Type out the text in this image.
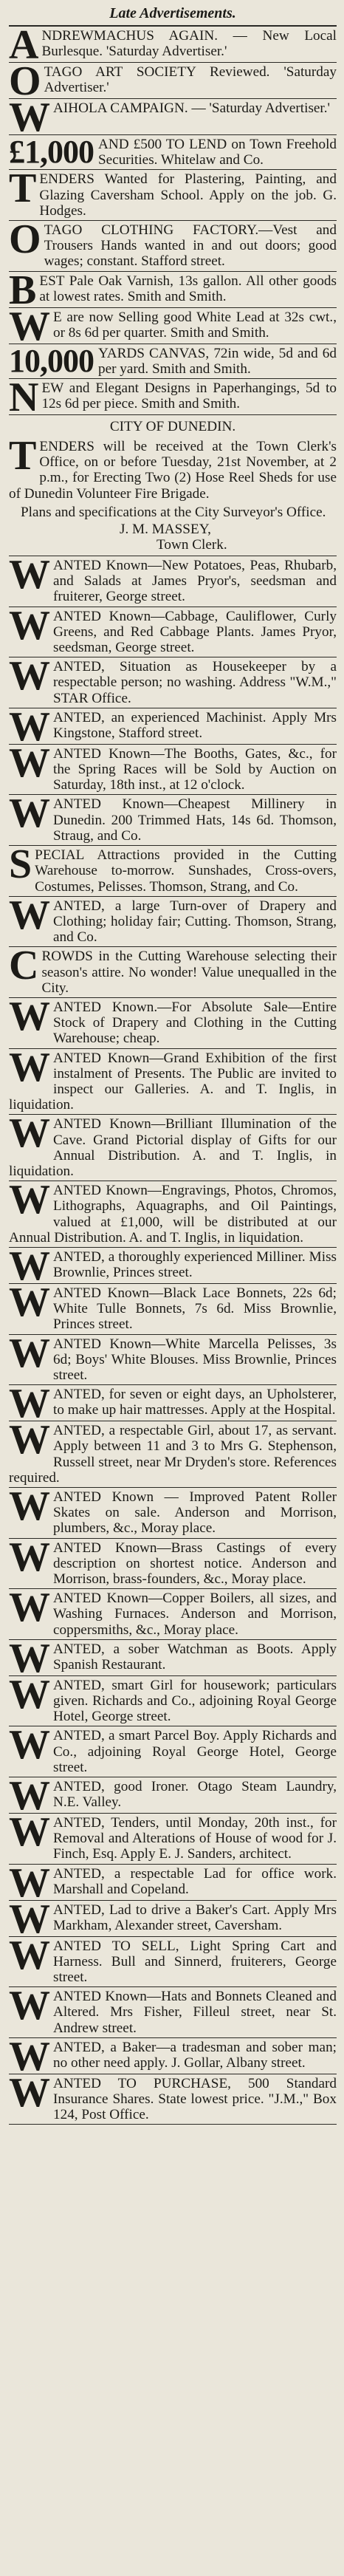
Late Advertisements.

ANDREWMACHUS AGAIN. — New Local Burlesque. 'Saturday Advertiser.'

OTAGO ART SOCIETY Reviewed. 'Saturday Advertiser.'

WAIHOLA CAMPAIGN. — 'Saturday Advertiser.'

£1,000 AND £500 TO LEND on Town Freehold Securities. Whitelaw and Co.

TENDERS Wanted for Plastering, Painting, and Glazing Caversham School. Apply on the job. G. Hodges.

OTAGO CLOTHING FACTORY.—Vest and Trousers Hands wanted in and out doors; good wages; constant. Stafford street.

BEST Pale Oak Varnish, 13s gallon. All other goods at lowest rates. Smith and Smith.

W E are now Selling good White Lead at 32s cwt., or 8s 6d per quarter. Smith and Smith.

10,000 YARDS CANVAS, 72in wide, 5d and 6d per yard. Smith and Smith.

NEW and Elegant Designs in Paperhangings, 5d to 12s 6d per piece. Smith and Smith.

CITY OF DUNEDIN.

TENDERS will be received at the Town Clerk's Office, on or before Tuesday, 21st November, at 2 p.m., for Erecting Two (2) Hose Reel Sheds for use of Dunedin Volunteer Fire Brigade.

Plans and specifications at the City Surveyor's Office.

J. M. MASSEY,
Town Clerk.

WANTED Known—New Potatoes, Peas, Rhubarb, and Salads at James Pryor's, seedsman and fruiterer, George street.

WANTED Known—Cabbage, Cauliflower, Curly Greens, and Red Cabbage Plants. James Pryor, seedsman, George street.

WANTED, Situation as Housekeeper by a respectable person; no washing. Address "W.M.," STAR Office.

WANTED, an experienced Machinist. Apply Mrs Kingstone, Stafford street.

WANTED Known—The Booths, Gates, &c., for the Spring Races will be Sold by Auction on Saturday, 18th inst., at 12 o'clock.

WANTED Known—Cheapest Millinery in Dunedin. 200 Trimmed Hats, 14s 6d. Thomson, Straug, and Co.

SPECIAL Attractions provided in the Cutting Warehouse to-morrow. Sunshades, Cross-overs, Costumes, Pelisses. Thomson, Strang, and Co.

WANTED, a large Turn-over of Drapery and Clothing; holiday fair; Cutting. Thomson, Strang, and Co.

CROWDS in the Cutting Warehouse selecting their season's attire. No wonder! Value unequalled in the City.

WANTED Known.—For Absolute Sale—Entire Stock of Drapery and Clothing in the Cutting Warehouse; cheap.

WANTED Known—Grand Exhibition of the first instalment of Presents. The Public are invited to inspect our Galleries. A. and T. Inglis, in liquidation.

WANTED Known—Brilliant Illumination of the Cave. Grand Pictorial display of Gifts for our Annual Distribution. A. and T. Inglis, in liquidation.

WANTED Known—Engravings, Photos, Chromos, Lithographs, Aquagraphs, and Oil Paintings, valued at £1,000, will be distributed at our Annual Distribution. A. and T. Inglis, in liquidation.

WANTED, a thoroughly experienced Milliner. Miss Brownlie, Princes street.

WANTED Known—Black Lace Bonnets, 22s 6d; White Tulle Bonnets, 7s 6d. Miss Brownlie, Princes street.

WANTED Known—White Marcella Pelisses, 3s 6d; Boys' White Blouses. Miss Brownlie, Princes street.

WANTED, for seven or eight days, an Upholsterer, to make up hair mattresses. Apply at the Hospital.

WANTED, a respectable Girl, about 17, as servant. Apply between 11 and 3 to Mrs G. Stephenson, Russell street, near Mr Dryden's store. References required.

WANTED Known — Improved Patent Roller Skates on sale. Anderson and Morrison, plumbers, &c., Moray place.

WANTED Known—Brass Castings of every description on shortest notice. Anderson and Morrison, brass-founders, &c., Moray place.

WANTED Known—Copper Boilers, all sizes, and Washing Furnaces. Anderson and Morrison, coppersmiths, &c., Moray place.

WANTED, a sober Watchman as Boots. Apply Spanish Restaurant.

WANTED, smart Girl for housework; particulars given. Richards and Co., adjoining Royal George Hotel, George street.

WANTED, a smart Parcel Boy. Apply Richards and Co., adjoining Royal George Hotel, George street.

WANTED, good Ironer. Otago Steam Laundry, N.E. Valley.

WANTED, Tenders, until Monday, 20th inst., for Removal and Alterations of House of wood for J. Finch, Esq. Apply E. J. Sanders, architect.

WANTED, a respectable Lad for office work. Marshall and Copeland.

WANTED, Lad to drive a Baker's Cart. Apply Mrs Markham, Alexander street, Caversham.

WANTED TO SELL, Light Spring Cart and Harness. Bull and Sinnerd, fruiterers, George street.

WANTED Known—Hats and Bonnets Cleaned and Altered. Mrs Fisher, Filleul street, near St. Andrew street.

WANTED, a Baker—a tradesman and sober man; no other need apply. J. Gollar, Albany street.

WANTED TO PURCHASE, 500 Standard Insurance Shares. State lowest price. "J.M.," Box 124, Post Office.
